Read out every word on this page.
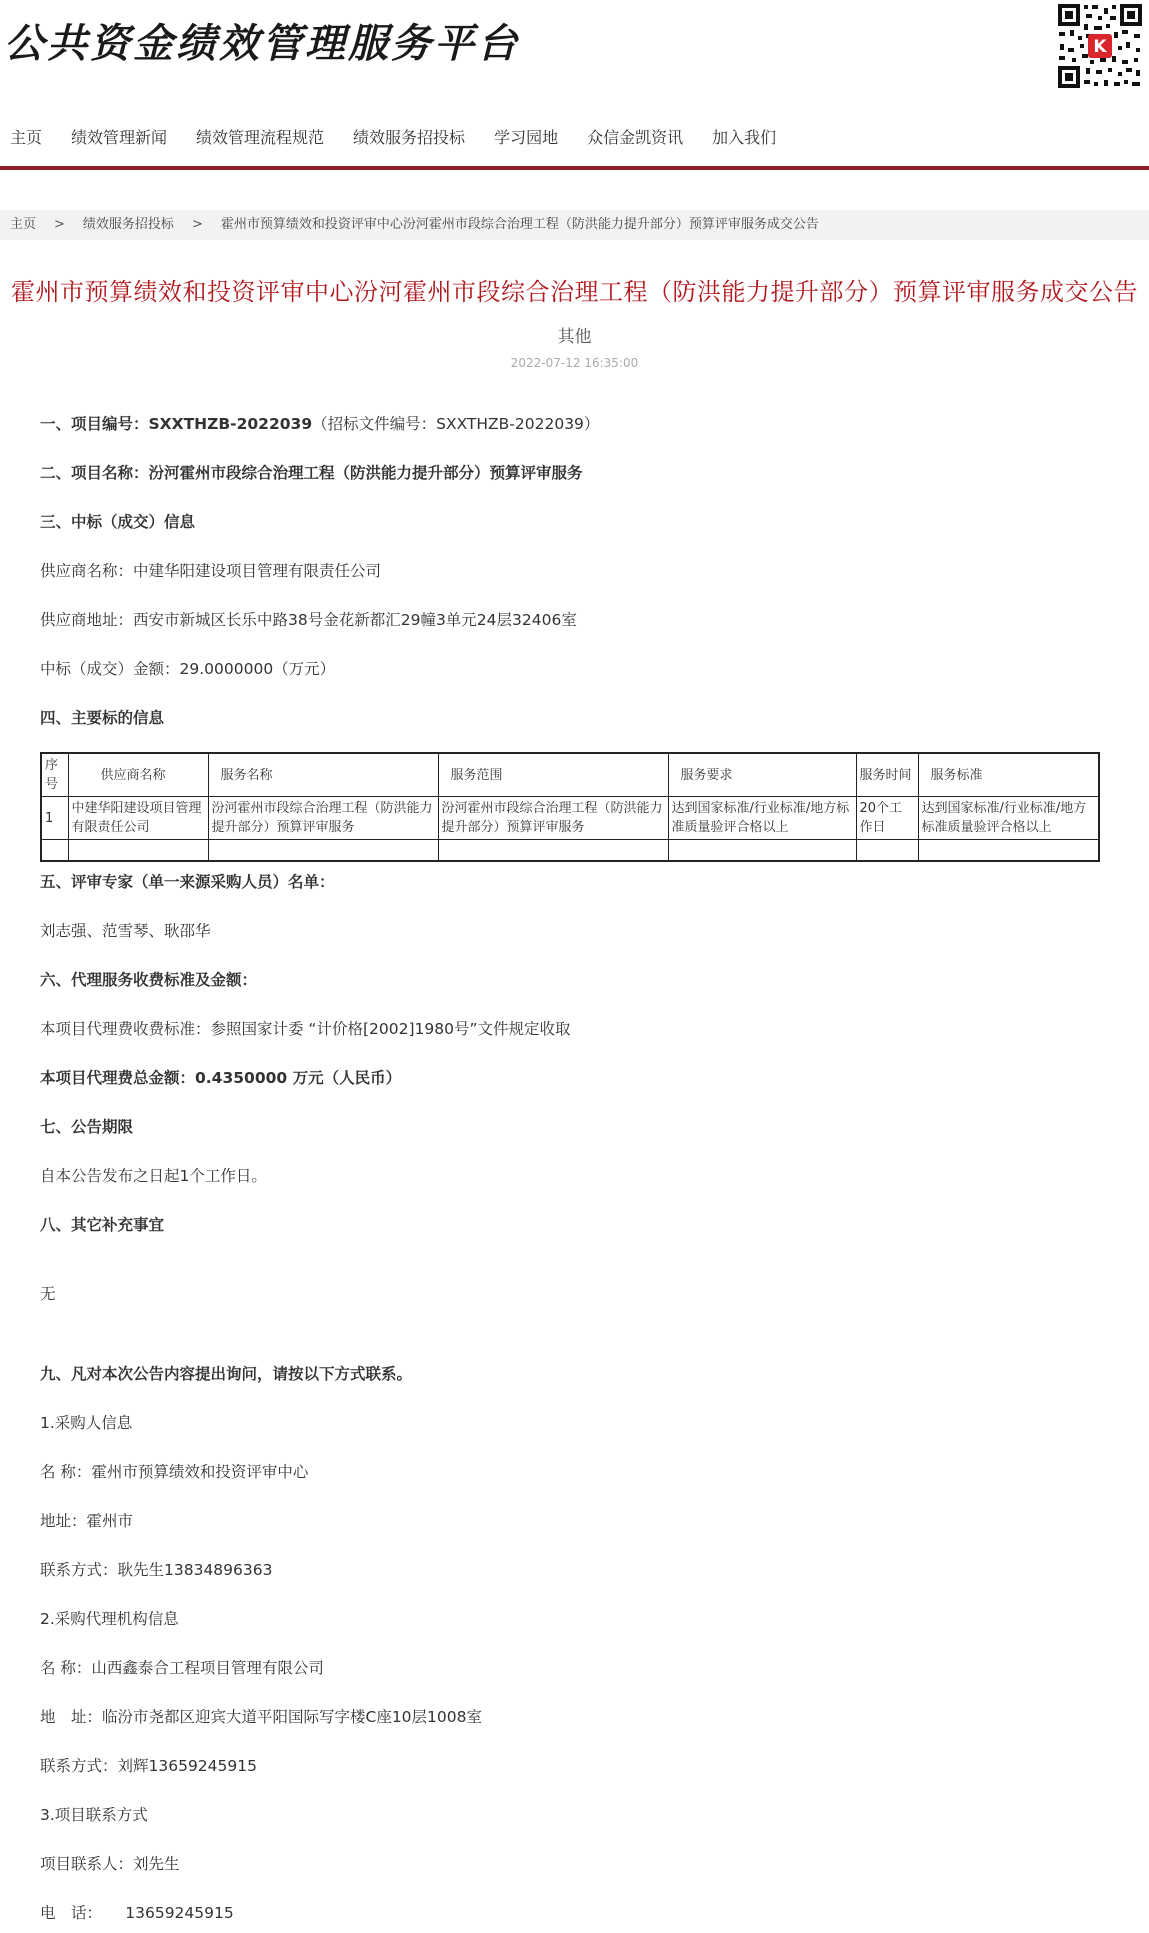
公共资金绩效管理服务平台	K
主页 绩效管理新闻 绩效管理流程规范 绩效服务招投标 学习园地 众信金凯资讯 加入我们
主页 > 绩效服务招投标 > 霍州市预算绩效和投资评审中心汾河霍州市段综合治理工程（防洪能力提升部分）预算评审服务成交公告
霍州市预算绩效和投资评审中心汾河霍州市段综合治理工程（防洪能力提升部分）预算评审服务成交公告
其他
2022-07-12 16:35:00
一、项目编号：SXXTHZB-2022039（招标文件编号：SXXTHZB-2022039）
二、项目名称：汾河霍州市段综合治理工程（防洪能力提升部分）预算评审服务
三、中标（成交）信息
供应商名称：中建华阳建设项目管理有限责任公司
供应商地址：西安市新城区长乐中路38号金花新都汇29幢3单元24层32406室
中标（成交）金额：29.0000000（万元）
四、主要标的信息
序号	供应商名称	服务名称	服务范围	服务要求	服务时间	服务标准
1	中建华阳建设项目管理有限责任公司	汾河霍州市段综合治理工程（防洪能力提升部分）预算评审服务	汾河霍州市段综合治理工程（防洪能力提升部分）预算评审服务	达到国家标准/行业标准/地方标准质量验评合格以上	20个工作日	达到国家标准/行业标准/地方标准质量验评合格以上

五、评审专家（单一来源采购人员）名单：
刘志强、范雪琴、耿邵华
六、代理服务收费标准及金额：
本项目代理费收费标准：参照国家计委 “计价格[2002]1980号”文件规定收取
本项目代理费总金额：0.4350000 万元（人民币）
七、公告期限
自本公告发布之日起1个工作日。
八、其它补充事宜
无
九、凡对本次公告内容提出询问，请按以下方式联系。
1.采购人信息
名 称：霍州市预算绩效和投资评审中心
地址：霍州市
联系方式：耿先生13834896363
2.采购代理机构信息
名 称：山西鑫泰合工程项目管理有限公司
地　址：临汾市尧都区迎宾大道平阳国际写字楼C座10层1008室
联系方式：刘辉13659245915
3.项目联系方式
项目联系人：刘先生
电　话：　　13659245915
